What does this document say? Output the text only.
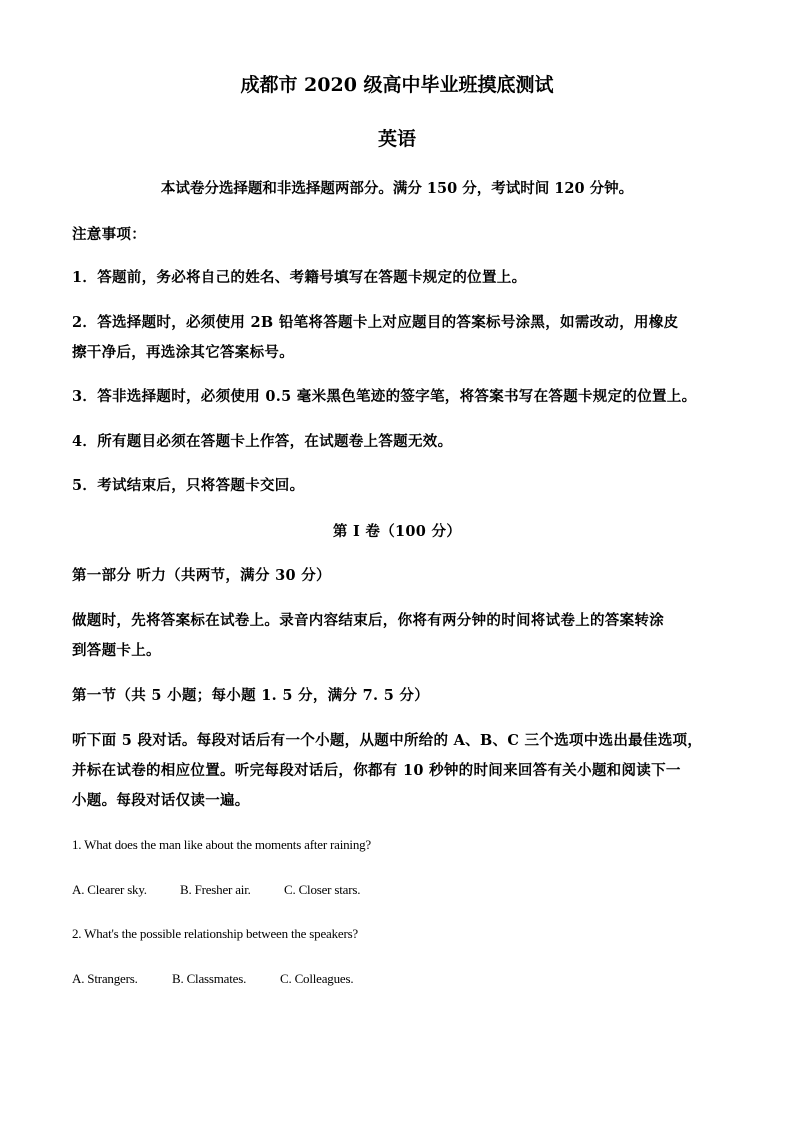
成都市 2020 级高中毕业班摸底测试

英语

本试卷分选择题和非选择题两部分。满分 150 分，考试时间 120 分钟。

注意事项：

1．答题前，务必将自己的姓名、考籍号填写在答题卡规定的位置上。

2．答选择题时，必须使用 2B 铅笔将答题卡上对应题目的答案标号涂黑，如需改动，用橡皮

擦干净后，再选涂其它答案标号。

3．答非选择题时，必须使用 0.5 毫米黑色笔迹的签字笔，将答案书写在答题卡规定的位置上。

4．所有题目必须在答题卡上作答，在试题卷上答题无效。

5．考试结束后，只将答题卡交回。

第 I 卷（100 分）

第一部分 听力（共两节，满分 30 分）

做题时，先将答案标在试卷上。录音内容结束后，你将有两分钟的时间将试卷上的答案转涂

到答题卡上。

第一节（共 5 小题；每小题 1. 5 分，满分 7. 5 分）

听下面 5 段对话。每段对话后有一个小题，从题中所给的 A、B、C 三个选项中选出最佳选项，

并标在试卷的相应位置。听完每段对话后，你都有 10 秒钟的时间来回答有关小题和阅读下一

小题。每段对话仅读一遍。

1. What does the man like about the moments after raining?

A. Clearer sky.	B. Fresher air.	C. Closer stars.

2. What's the possible relationship between the speakers?

A. Strangers.	B. Classmates.	C. Colleagues.
